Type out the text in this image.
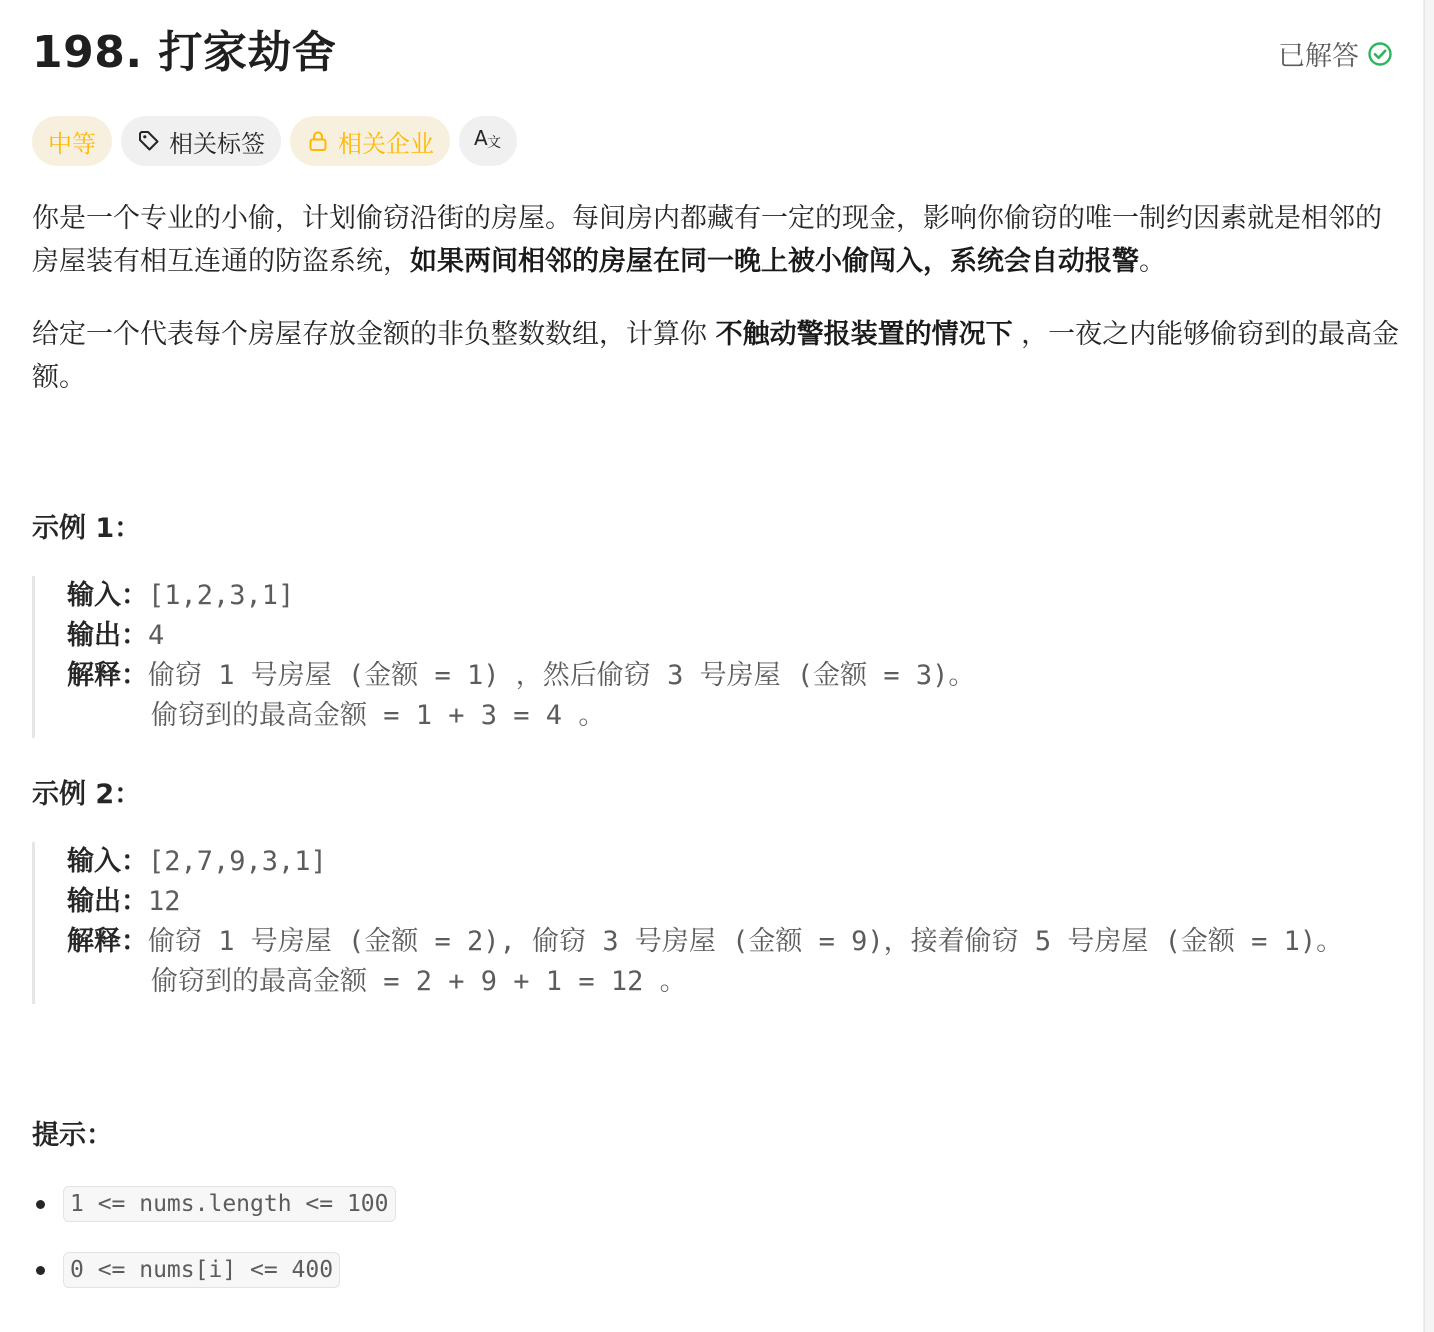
198. 打家劫舍	已解答
中等	相关标签	相关企业 A 文
你是一个专业的小偷，计划偷窃沿街的房屋。每间房内都藏有一定的现金，影响你偷窃的唯一制约因素就是相邻的房屋装有相互连通的防盗系统，如果两间相邻的房屋在同一晚上被小偷闯入，系统会自动报警。
给定一个代表每个房屋存放金额的非负整数数组，计算你 不触动警报装置的情况下 ，一夜之内能够偷窃到的最高金额。
示例 1：
输入：[1,2,3,1]
输出：4
解释：偷窃 1 号房屋 (金额 = 1) ，然后偷窃 3 号房屋 (金额 = 3)。
偷窃到的最高金额 = 1 + 3 = 4 。
示例 2：
输入：[2,7,9,3,1]
输出：12
解释：偷窃 1 号房屋 (金额 = 2), 偷窃 3 号房屋 (金额 = 9)，接着偷窃 5 号房屋 (金额 = 1)。
偷窃到的最高金额 = 2 + 9 + 1 = 12 。
提示：
1 <= nums.length <= 100
0 <= nums[i] <= 400
